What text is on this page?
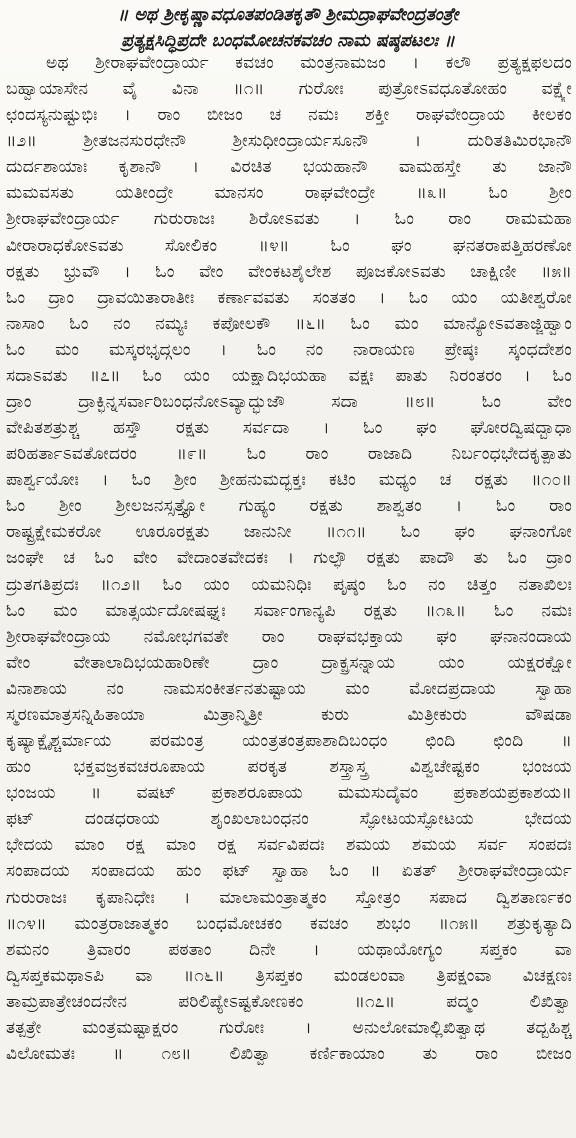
॥ ಅಥ ಶ್ರೀಕೃಷ್ಣಾವಧೂತಪಂಡಿತಕೃತೌ ಶ್ರೀಮದ್ರಾಘವೇಂದ್ರತಂತ್ರೇ
ಪ್ರತ್ಯಕ್ಷಸಿದ್ಧಿಪ್ರದೇ ಬಂಧಮೋಚನಕವಚಂ ನಾಮ ಷಷ್ಠಪಟಲಃ ॥
ಅಥ ಶ್ರೀರಾಘವೇಂದ್ರಾರ್ಯ ಕವಚಂ ಮಂತ್ರನಾಮಜಂ । ಕಲೌ ಪ್ರತ್ಯಕ್ಷಫಲದಂ
ಬಹ್ವಾಯಾಸೇನ ವೈ ವಿನಾ ॥೧॥ ಗುರೋಃ ಪುತ್ರೋಽವಧೂತೋಹಂ ವಕ್ಷ್ಯೇ
ಛಂದಸ್ಯನುಷ್ಟುಭಿಃ । ರಾಂ ಬೀಜಂ ಚ ನಮಃ ಶಕ್ತೀ ರಾಘವೇಂದ್ರಾಯ ಕೀಲಕಂ
॥೨॥ ಶ್ರೀತಜನಸುರಧೇನೌ ಶ್ರೀಸುಧೀಂದ್ರಾರ್ಯಸೂನೌ । ದುರಿತತಿಮಿರಭಾನೌ
ದುರ್ದಶಾಯಾಃ ಕೃಶಾನೌ । ವಿರಚಿತ ಭಯಹಾನೌ ವಾಮಹಸ್ತೇ ತು ಜಾನೌ
ಮಮವಸತು ಯತೀಂದ್ರೇ ಮಾನಸಂ ರಾಘವೇಂದ್ರೇ ॥೩॥ ಓಂ ಶ್ರೀಂ
ಶ್ರೀರಾಘವೇಂದ್ರಾರ್ಯ ಗುರುರಾಜಃ ಶಿರೋಽವತು । ಓಂ ರಾಂ ರಾಮಮಹಾ
ವೀರಾರಾಧಕೋಽವತು ಸೋಲಿಕಂ ॥೪॥ ಓಂ ಘಂ ಘನತರಾಪತ್ತಿಹರಣೋ
ರಕ್ಷತು ಭ್ರುವೌ । ಓಂ ವೇಂ ವೇಂಕಟಶೈಲೇಶ ಪೂಜಕೋಽವತು ಚಾಕ್ಷಿಣೀ ॥೫॥
ಓಂ ದ್ರಾಂ ದ್ರಾವಯಿತಾರಾತೀಃ ಕರ್ಣಾವವತು ಸಂತತಂ । ಓಂ ಯಂ ಯತೀಶ್ವರೋ
ನಾಸಾಂ ಓಂ ನಂ ನಮ್ಯಃ ಕಪೋಲಕೌ ॥೬॥ ಓಂ ಮಂ ಮಾನ್ಯೋಽವತಾಜ್ಜಿಹ್ವಾಂ
ಓಂ ಮಂ ಮಸ್ಕರಭೃದ್ಗಲಂ । ಓಂ ನಂ ನಾರಾಯಣ ಪ್ರೇಷ್ಠಃ ಸ್ಕಂಧದೇಶಂ
ಸದಾಽವತು ॥೭॥ ಓಂ ಯಂ ಯಕ್ಷಾದಿಭಯಹಾ ವಕ್ಷಃ ಪಾತು ನಿರಂತರಂ । ಓಂ
ದ್ರಾಂ ದ್ರಾಕ್ಛಿನ್ನಸರ್ವಾರಿಬಂಧನೋಽವ್ಯಾದ್ಭುಜೌ ಸದಾ ॥೮॥ ಓಂ ವೇಂ
ವೇಪಿತಶತ್ರುಶ್ಚ ಹಸ್ತೌ ರಕ್ಷತು ಸರ್ವದಾ । ಓಂ ಘಂ ಘೋರದ್ವಿಷದ್ಬಾಧಾ
ಪರಿಹರ್ತಾಽವತೋದರಂ ॥೯॥ ಓಂ ರಾಂ ರಾಜಾದಿ ನಿರ್ಬಂಧಭೇದಕೃತ್ಪಾತು
ಪಾರ್ಶ್ವಯೋಃ । ಓಂ ಶ್ರೀಂ ಶ್ರೀಹನುಮದ್ಭಕ್ತಃ ಕಟಿಂ ಮಧ್ಯಂ ಚ ರಕ್ಷತು ॥೧೦॥
ಓಂ ಶ್ರೀಂ ಶ್ರೀಲಜನಸ್ಸತ್ಸ್ತ್ಯೋ ಗುಹ್ಯಂ ರಕ್ಷತು ಶಾಶ್ವತಂ । ಓಂ ರಾಂ
ರಾಷ್ಟ್ರಕ್ಷೇಮಕರೋ ಊರೂರಕ್ಷತು ಜಾನುನೀ ॥೧೧॥ ಓಂ ಘಂ ಘನಾಂಗೋ
ಜಂಘೇ ಚ ಓಂ ವೇಂ ವೇದಾಂತವೇದಕಃ । ಗುಲ್ಫೌ ರಕ್ಷತು ಪಾದೌ ತು ಓಂ ದ್ರಾಂ
ದ್ರುತಗತಿಪ್ರದಃ ॥೧೨॥ ಓಂ ಯಂ ಯಮನಿಧಿಃ ಪೃಷ್ಠಂ ಓಂ ನಂ ಚಿತ್ತಂ ನತಾಖಿಲಃ
ಓಂ ಮಂ ಮಾತ್ಸರ್ಯದೋಷಘ್ನಃ ಸರ್ವಾಂಗಾನ್ಯಪಿ ರಕ್ಷತು ॥೧೩॥ ಓಂ ನಮಃ
ಶ್ರೀರಾಘವೇಂದ್ರಾಯ ನಮೋಭಗವತೇ ರಾಂ ರಾಘವಭಕ್ತಾಯ ಘಂ ಘನಾನಂದಾಯ
ವೇಂ ವೇತಾಲಾದಿಭಯಹಾರಿಣೇ ದ್ರಾಂ ದ್ರಾಕ್ಪ್ರಸನ್ನಾಯ ಯಂ ಯಕ್ಷರಕ್ಷೋ
ವಿನಾಶಾಯ ನಂ ನಾಮಸಂಕೀರ್ತನತುಷ್ಟಾಯ ಮಂ ಮೋದಪ್ರದಾಯ ಸ್ವಾಹಾ
ಸ್ಮರಣಮಾತ್ರಸನ್ನಿಹಿತಾಯಾ ಮಿತ್ರಾನ್ಮಿತ್ರೀ ಕುರು ಮಿತ್ರೀಕುರು ವೌಷಡಾ
ಕೃಷ್ಯಾಕ್ಷೈಶ್ಚರ್ಮಾಯ ಪರಮಂತ್ರ ಯಂತ್ರತಂತ್ರಪಾಶಾದಿಬಂಧಂ ಛಿಂದಿ ಛಿಂದಿ ॥
ಹುಂ ಭಕ್ತವಜ್ರಕವಚರೂಪಾಯ ಪರಕೃತ ಶಸ್ತ್ರಾಸ್ತ್ರ ವಿಶ್ವಚೇಷ್ಟಕಂ ಭಂಜಯ
ಭಂಜಯ ॥ ವಷಟ್ ಪ್ರಕಾಶರೂಪಾಯ ಮಮಸುದೈವಂ ಪ್ರಕಾಶಯಪ್ರಕಾಶಯ॥
ಫಟ್ ದಂಡಧರಾಯ ಶೃಂಖಲಾಬಂಧನಂ ಸ್ಫೋಟಯಸ್ಫೋಟಯ ಭೇದಯ
ಭೇದಯ ಮಾಂ ರಕ್ಷ ಮಾಂ ರಕ್ಷ ಸರ್ವವಿಪದಃ ಶಮಯ ಶಮಯ ಸರ್ವ ಸಂಪದಃ
ಸಂಪಾದಯ ಸಂಪಾದಯ ಹುಂ ಫಟ್ ಸ್ವಾಹಾ ಓಂ ॥ ಏತತ್ ಶ್ರೀರಾಘವೇಂದ್ರಾರ್ಯ
ಗುರುರಾಜಃ ಕೃಪಾನಿಧೇಃ । ಮಾಲಾಮಂತ್ರಾತ್ಮಕಂ ಸ್ತೋತ್ರಂ ಸಪಾದ ದ್ವಿಶತಾರ್ಣಕಂ
॥೧೪॥ ಮಂತ್ರರಾಜಾತ್ಮಕಂ ಬಂಧಮೋಚಕಂ ಕವಚಂ ಶುಭಂ ॥೧೫॥ ಶತ್ರುಕೃತ್ಯಾದಿ
ಶಮನಂ ತ್ರಿವಾರಂ ಪಠತಾಂ ದಿನೇ । ಯಥಾಯೋಗ್ಯಂ ಸಪ್ತಕಂ ವಾ
ದ್ವಿಸಪ್ತಕಮಥಾಽಪಿ ವಾ ॥೧೬॥ ತ್ರಿಸಪ್ತಕಂ ಮಂಡಲಂವಾ ತ್ರಿಪಕ್ಷಂವಾ ವಿಚಕ್ಷಣಃ
ತಾಮ್ರಪಾತ್ರೇಚಂದನೇನ ಪರಿಲಿಪ್ಯೇಽಷ್ಟಕೋಣಕಂ ॥೧೭॥ ಪದ್ಮಂ ಲಿಖಿತ್ವಾ
ತತ್ಪತ್ರೇ ಮಂತ್ರಮಷ್ಟಾಕ್ಷರಂ ಗುರೋಃ । ಅನುಲೋಮಾಲ್ಲಿಖಿತ್ವಾಥ ತದ್ಬಹಿಶ್ಚ
ವಿಲೋಮತಃ ॥ ೧೮॥ ಲಿಖಿತ್ವಾ ಕರ್ಣಿಕಾಯಾಂ ತು ರಾಂ ಬೀಜಂ
